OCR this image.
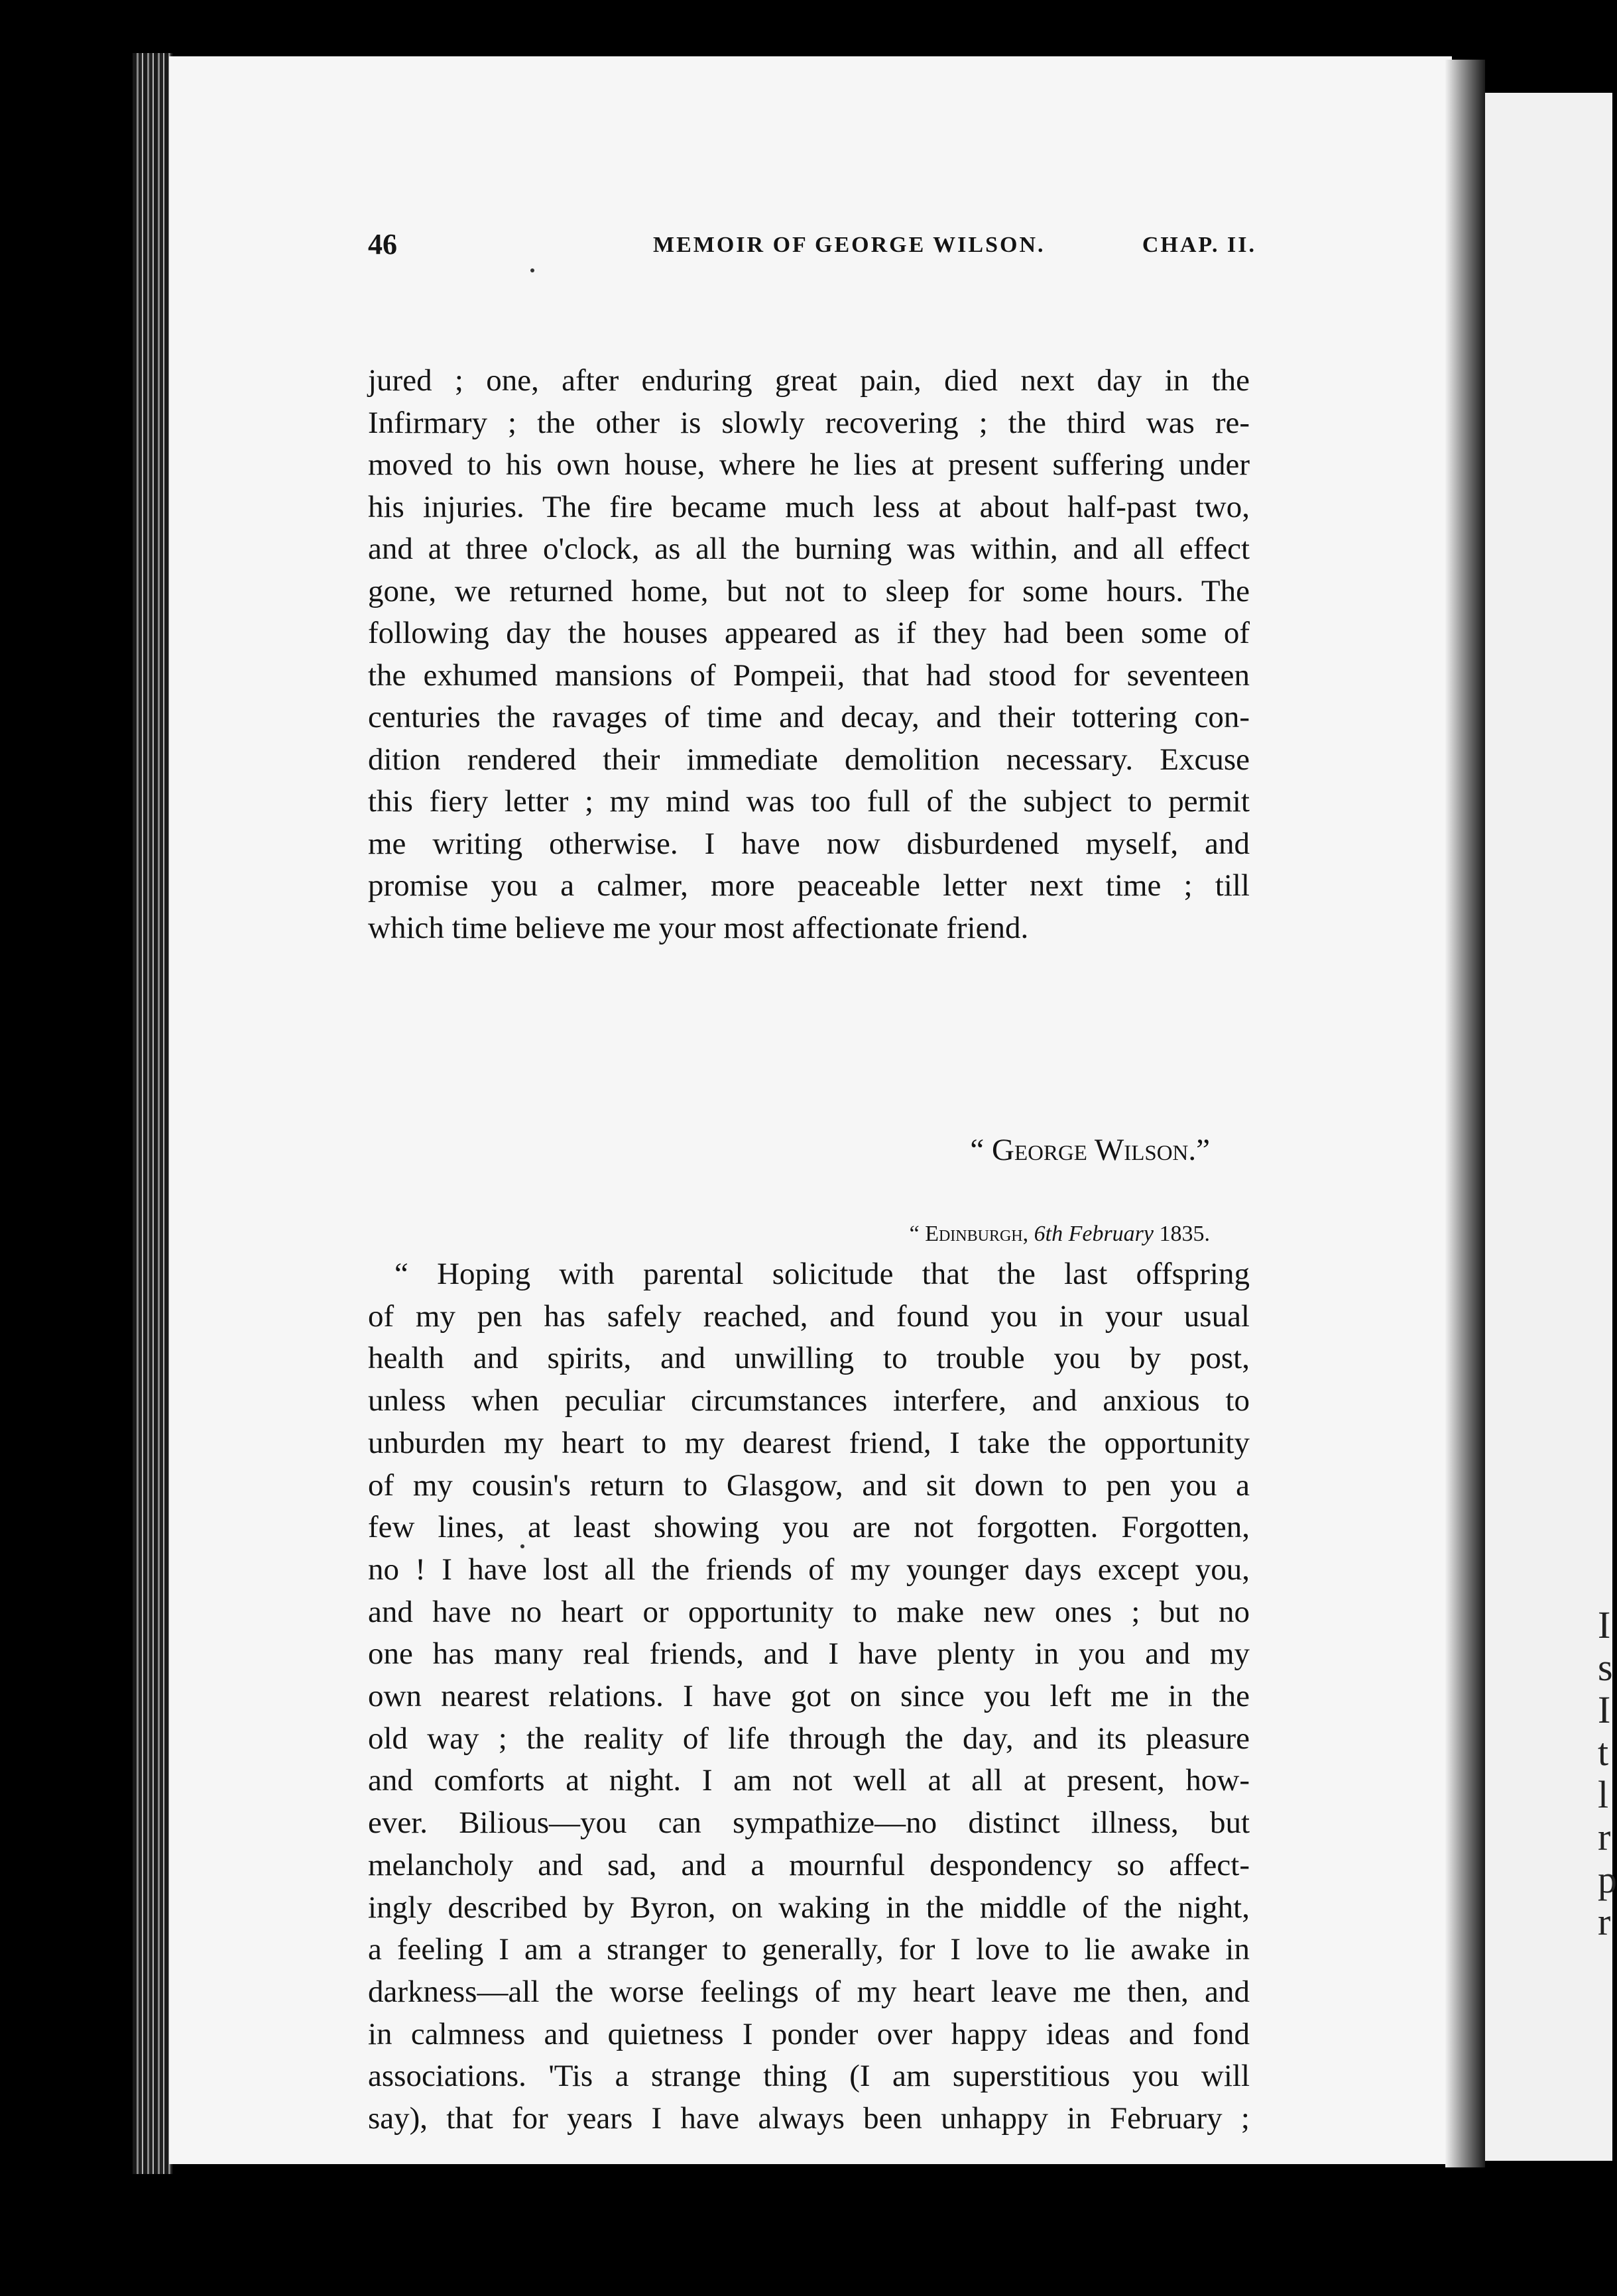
46	MEMOIR OF GEORGE WILSON.	CHAP. II.
jured ; one, after enduring great pain, died next day in the
Infirmary ; the other is slowly recovering ; the third was re-
moved to his own house, where he lies at present suffering under
his injuries. The fire became much less at about half-past two,
and at three o'clock, as all the burning was within, and all effect
gone, we returned home, but not to sleep for some hours. The
following day the houses appeared as if they had been some of
the exhumed mansions of Pompeii, that had stood for seventeen
centuries the ravages of time and decay, and their tottering con-
dition rendered their immediate demolition necessary. Excuse
this fiery letter ; my mind was too full of the subject to permit
me writing otherwise. I have now disburdened myself, and
promise you a calmer, more peaceable letter next time ; till
which time believe me your most affectionate friend.
“ George Wilson.”
“ Edinburgh, 6th February 1835.
“ Hoping with parental solicitude that the last offspring
of my pen has safely reached, and found you in your usual
health and spirits, and unwilling to trouble you by post,
unless when peculiar circumstances interfere, and anxious to
unburden my heart to my dearest friend, I take the opportunity
of my cousin's return to Glasgow, and sit down to pen you a
few lines, at least showing you are not forgotten. Forgotten,
no ! I have lost all the friends of my younger days except you,
and have no heart or opportunity to make new ones ; but no
one has many real friends, and I have plenty in you and my
own nearest relations. I have got on since you left me in the
old way ; the reality of life through the day, and its pleasure
and comforts at night. I am not well at all at present, how-
ever. Bilious—you can sympathize—no distinct illness, but
melancholy and sad, and a mournful despondency so affect-
ingly described by Byron, on waking in the middle of the night,
a feeling I am a stranger to generally, for I love to lie awake in
darkness—all the worse feelings of my heart leave me then, and
in calmness and quietness I ponder over happy ideas and fond
associations. 'Tis a strange thing (I am superstitious you will
say), that for years I have always been unhappy in February ;
I
s
I
t
l
r
p
r
